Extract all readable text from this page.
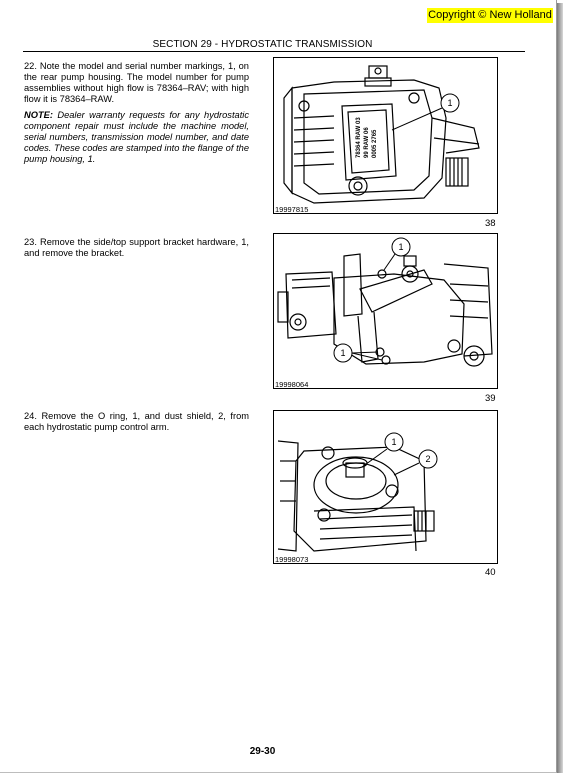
Copyright © New Holland
SECTION 29 - HYDROSTATIC TRANSMISSION
22. Note the model and serial number markings, 1, on the rear pump housing. The model number for pump assemblies without high flow is 78364–RAV; with high flow it is 78364–RAW.
NOTE: Dealer warranty requests for any hydrostatic component repair must include the machine model, serial numbers, transmission model number, and date codes. These codes are stamped into the flange of the pump housing, 1.
78364 RAW 03 99 RAW 06 0005 2765
1
19997815
38
23. Remove the side/top support bracket hardware, 1, and remove the bracket.
1
1
19998064
39
24. Remove the O ring, 1, and dust shield, 2, from each hydrostatic pump control arm.
1
2
19998073
40
29-30
